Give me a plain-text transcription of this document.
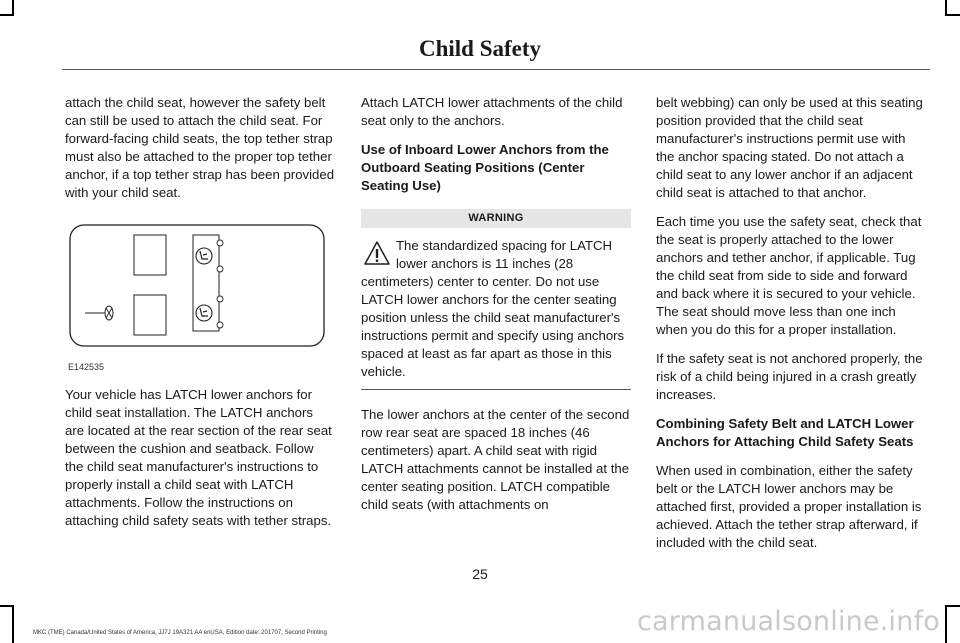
Child Safety

attach the child seat, however the safety belt can still be used to attach the child seat. For forward-facing child seats, the top tether strap must also be attached to the proper top tether anchor, if a top tether strap has been provided with your child seat.

E142535

Your vehicle has LATCH lower anchors for child seat installation. The LATCH anchors are located at the rear section of the rear seat between the cushion and seatback. Follow the child seat manufacturer's instructions to properly install a child seat with LATCH attachments. Follow the instructions on attaching child safety seats with tether straps.

Attach LATCH lower attachments of the child seat only to the anchors.

Use of Inboard Lower Anchors from the Outboard Seating Positions (Center Seating Use)
WARNING
The standardized spacing for LATCH lower anchors is 11 inches (28 centimeters) center to center. Do not use LATCH lower anchors for the center seating position unless the child seat manufacturer's instructions permit and specify using anchors spaced at least as far apart as those in this vehicle.

The lower anchors at the center of the second row rear seat are spaced 18 inches (46 centimeters) apart. A child seat with rigid LATCH attachments cannot be installed at the center seating position. LATCH compatible child seats (with attachments on

belt webbing) can only be used at this seating position provided that the child seat manufacturer's instructions permit use with the anchor spacing stated. Do not attach a child seat to any lower anchor if an adjacent child seat is attached to that anchor.

Each time you use the safety seat, check that the seat is properly attached to the lower anchors and tether anchor, if applicable. Tug the child seat from side to side and forward and back where it is secured to your vehicle. The seat should move less than one inch when you do this for a proper installation.

If the safety seat is not anchored properly, the risk of a child being injured in a crash greatly increases.

Combining Safety Belt and LATCH Lower Anchors for Attaching Child Safety Seats

When used in combination, either the safety belt or the LATCH lower anchors may be attached first, provided a proper installation is achieved. Attach the tether strap afterward, if included with the child seat.

25
MKC (TME) Canada/United States of America, JJ7J 19A321 AA enUSA, Edition date: 201707, Second Printing	carmanualsonline.info
